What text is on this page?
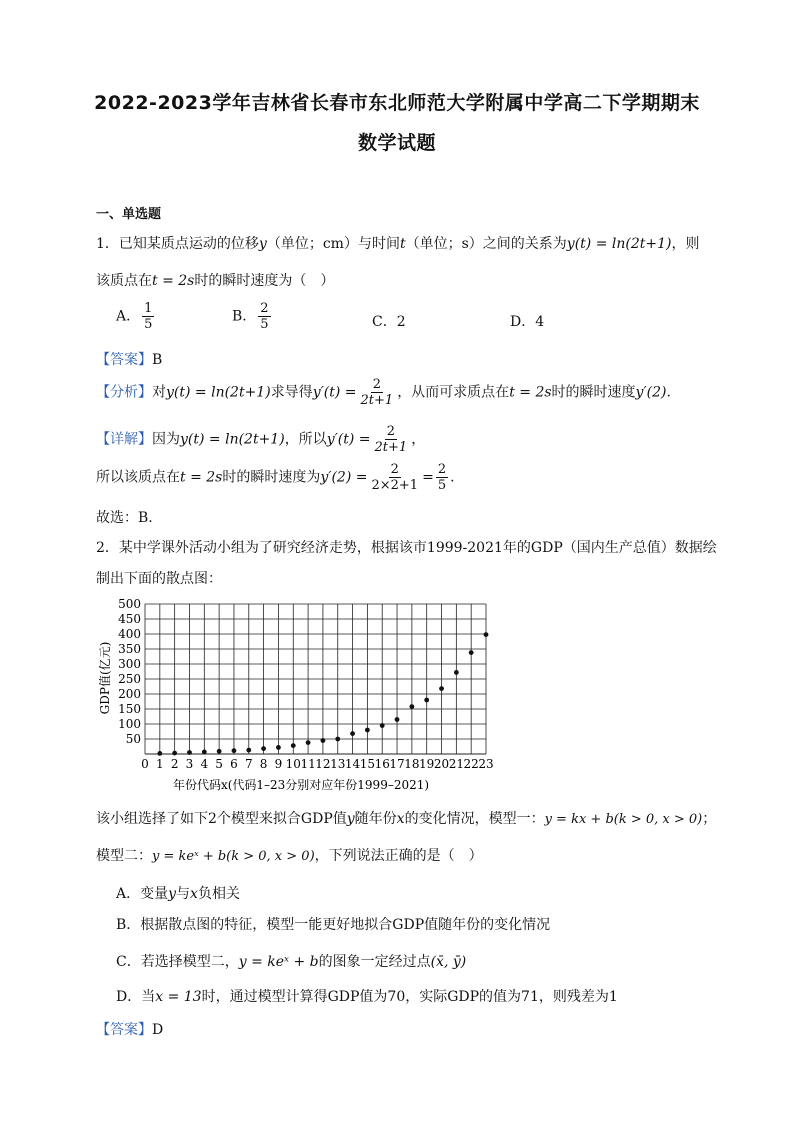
2022-2023学年吉林省长春市东北师范大学附属中学高二下学期期末
数学试题
一、单选题
1．已知某质点运动的位移y（单位；cm）与时间t（单位；s）之间的关系为y(t) = ln(2t+1)，则
该质点在t = 2s时的瞬时速度为（　）
A． $\frac{1}{5}$	B． $\frac{2}{5}$	C．2	D．4
【答案】B
【分析】对y(t) = ln(2t+1)求导得$y'(t) = \frac{2}{2t+1}$ ，从而可求质点在t = 2s时的瞬时速度y′(2).
【详解】因为y(t) = ln(2t+1)，所以$y'(t) = \frac{2}{2t+1}$ ，
所以该质点在t = 2s时的瞬时速度为$y'(2) = \frac{2}{2\times 2+1} = \frac{2}{5}$ .
故选：B.
2．某中学课外活动小组为了研究经济走势，根据该市1999-2021年的GDP（国内生产总值）数据绘
制出下面的散点图：
0 1 2 3 4 5 6 7 8 9 10 11 12 13 14 15 16 17 18 19 20 21 22 23
50
100
150
200
250
300
350
400
450
500
GDP值(亿元)
年份代码x(代码1–23分别对应年份1999–2021)
该小组选择了如下2个模型来拟合GDP值y随年份x的变化情况，模型一：y = kx + b(k > 0, x > 0)；
模型二：y = keˣ + b(k > 0, x > 0)，下列说法正确的是（　）
A．变量y与x负相关
B．根据散点图的特征，模型一能更好地拟合GDP值随年份的变化情况
C．若选择模型二，y = keˣ + b的图象一定经过点(x̄, ȳ)
D．当x = 13时，通过模型计算得GDP值为70，实际GDP的值为71，则残差为1
【答案】D
